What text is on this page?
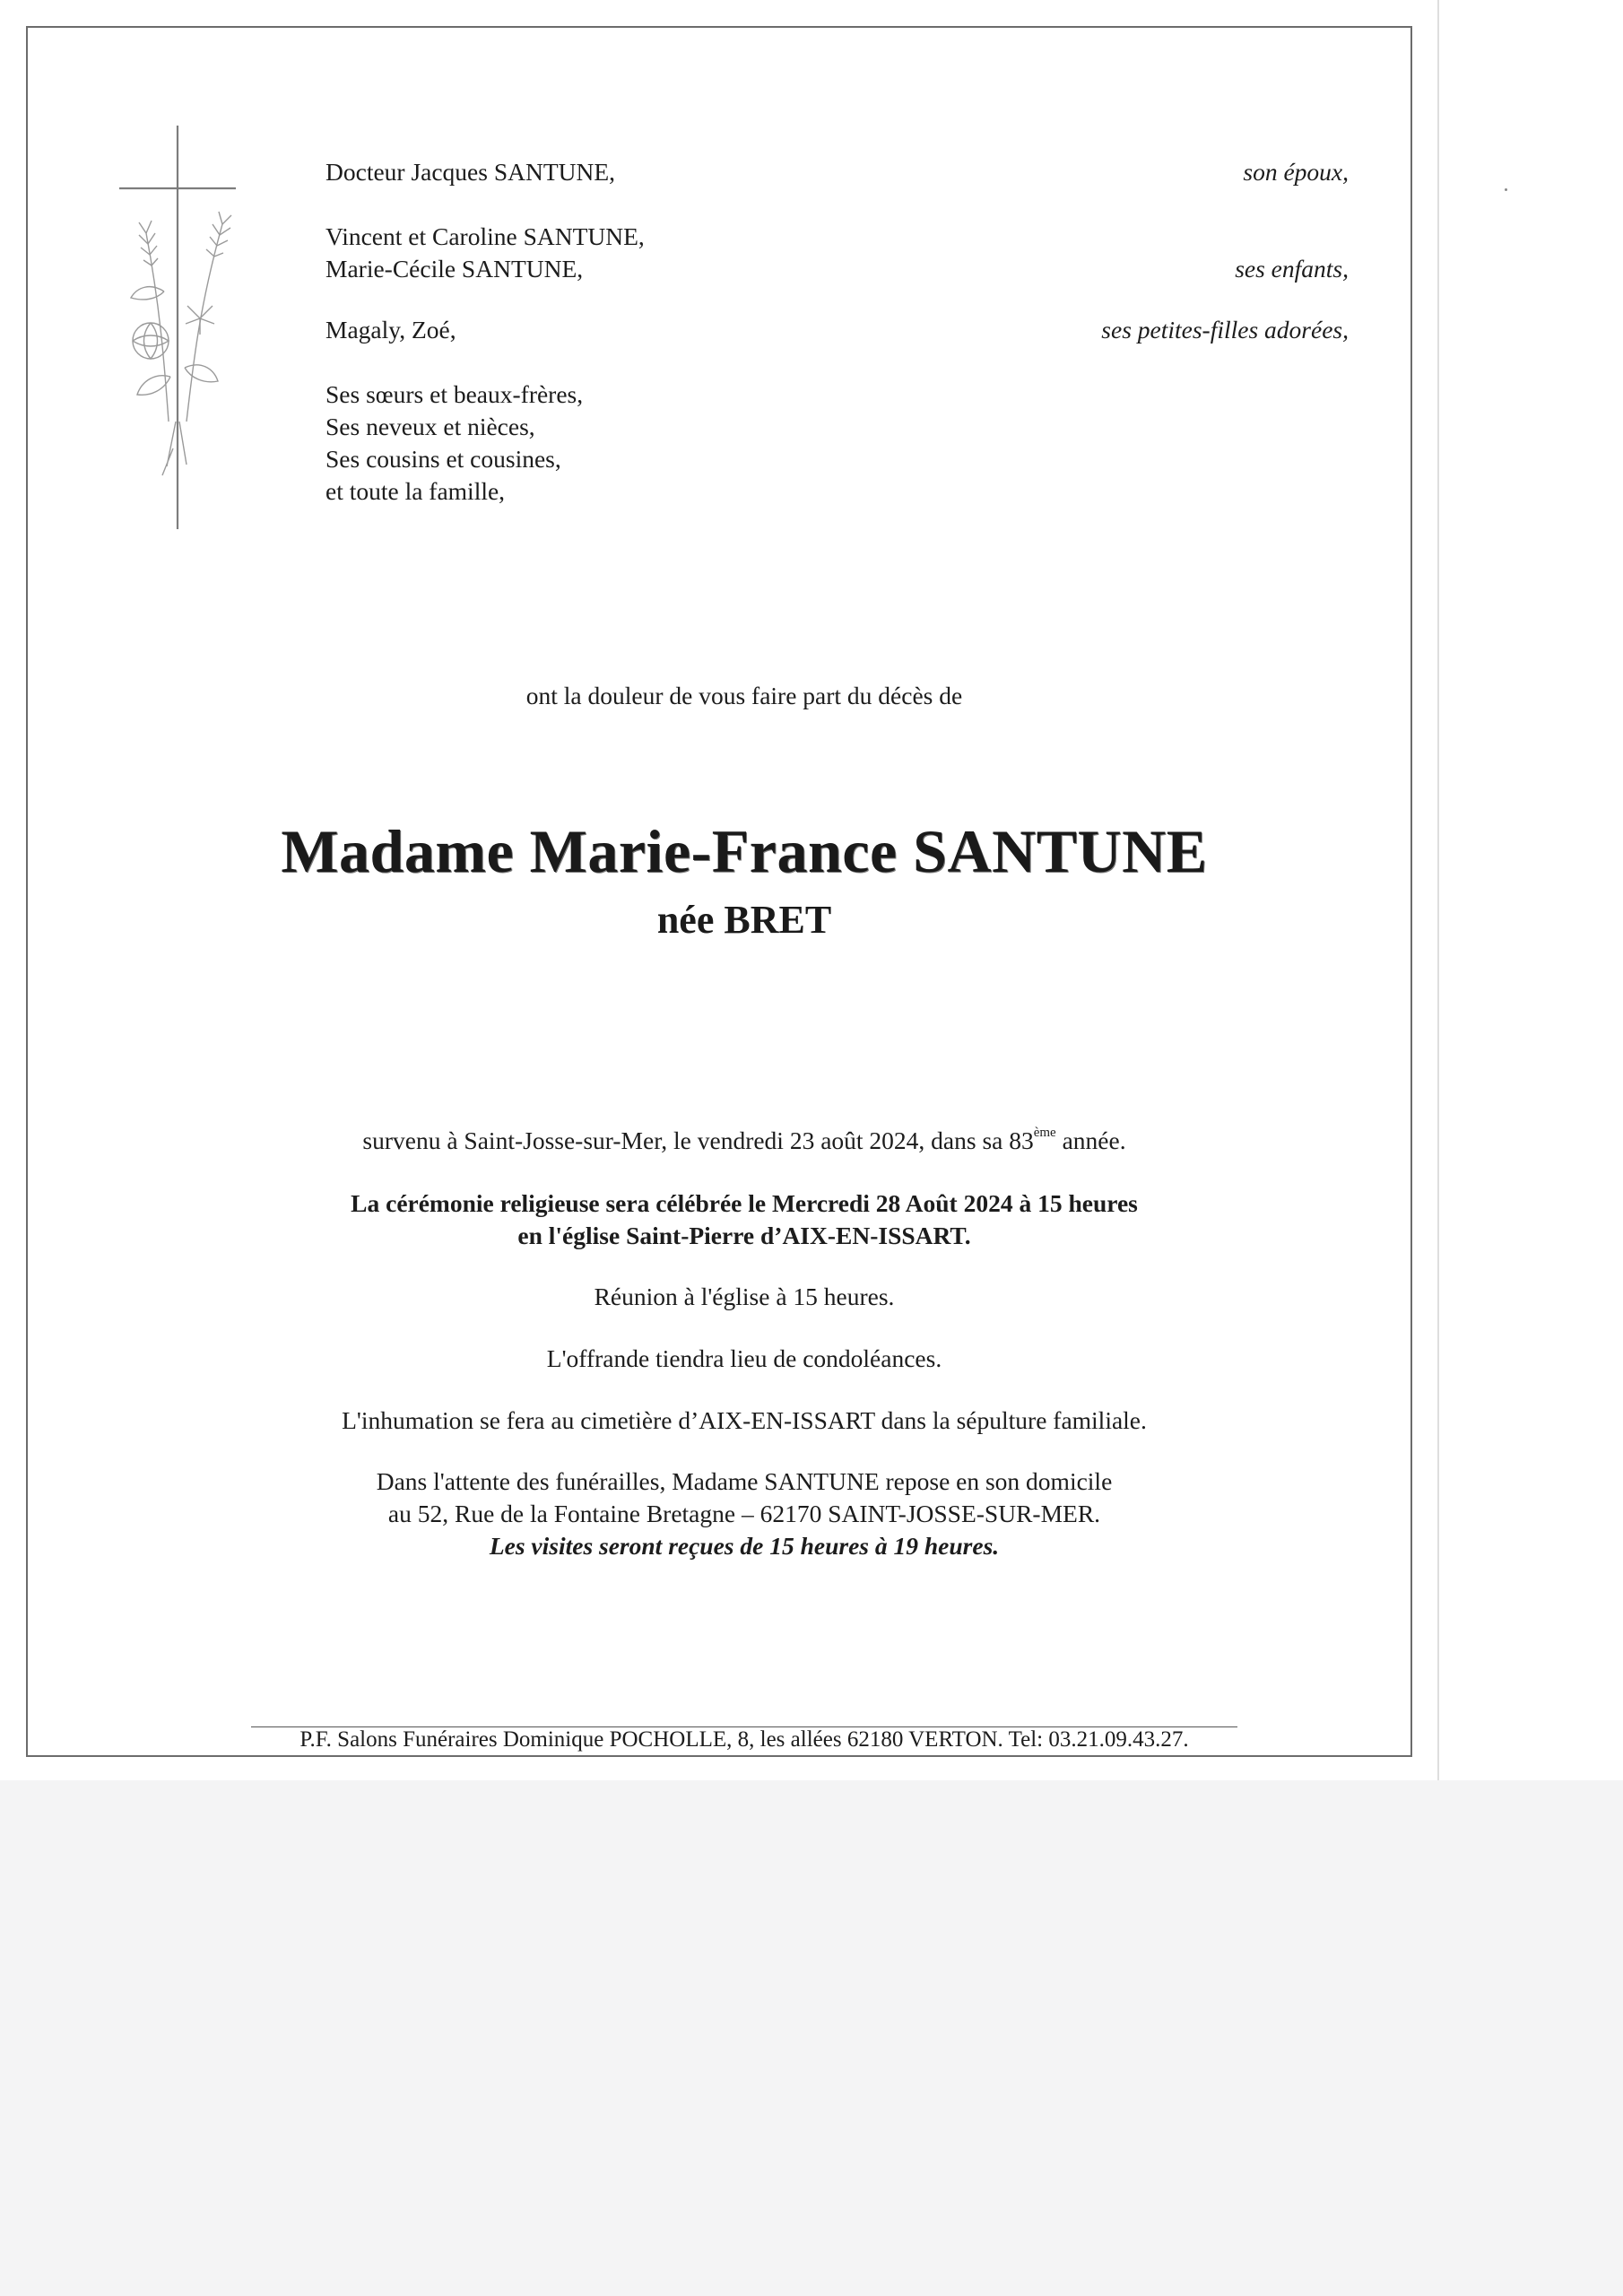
Docteur Jacques SANTUNE,	son époux,
Vincent et Caroline SANTUNE,
Marie-Cécile SANTUNE,	ses enfants,
Magaly, Zoé,	ses petites-filles adorées,
Ses sœurs et beaux-frères,
Ses neveux et nièces,
Ses cousins et cousines,
et toute la famille,
ont la douleur de vous faire part du décès de
Madame Marie-France SANTUNE
née BRET
survenu à Saint-Josse-sur-Mer, le vendredi 23 août 2024, dans sa 83ème année.
La cérémonie religieuse sera célébrée le Mercredi 28 Août 2024 à 15 heures
en l'église Saint-Pierre d’AIX-EN-ISSART.
Réunion à l'église à 15 heures.
L'offrande tiendra lieu de condoléances.
L'inhumation se fera au cimetière d’AIX-EN-ISSART dans la sépulture familiale.
Dans l'attente des funérailles, Madame SANTUNE repose en son domicile
au 52, Rue de la Fontaine Bretagne – 62170 SAINT-JOSSE-SUR-MER.
Les visites seront reçues de 15 heures à 19 heures.
P.F. Salons Funéraires Dominique POCHOLLE, 8, les allées 62180 VERTON. Tel: 03.21.09.43.27.
